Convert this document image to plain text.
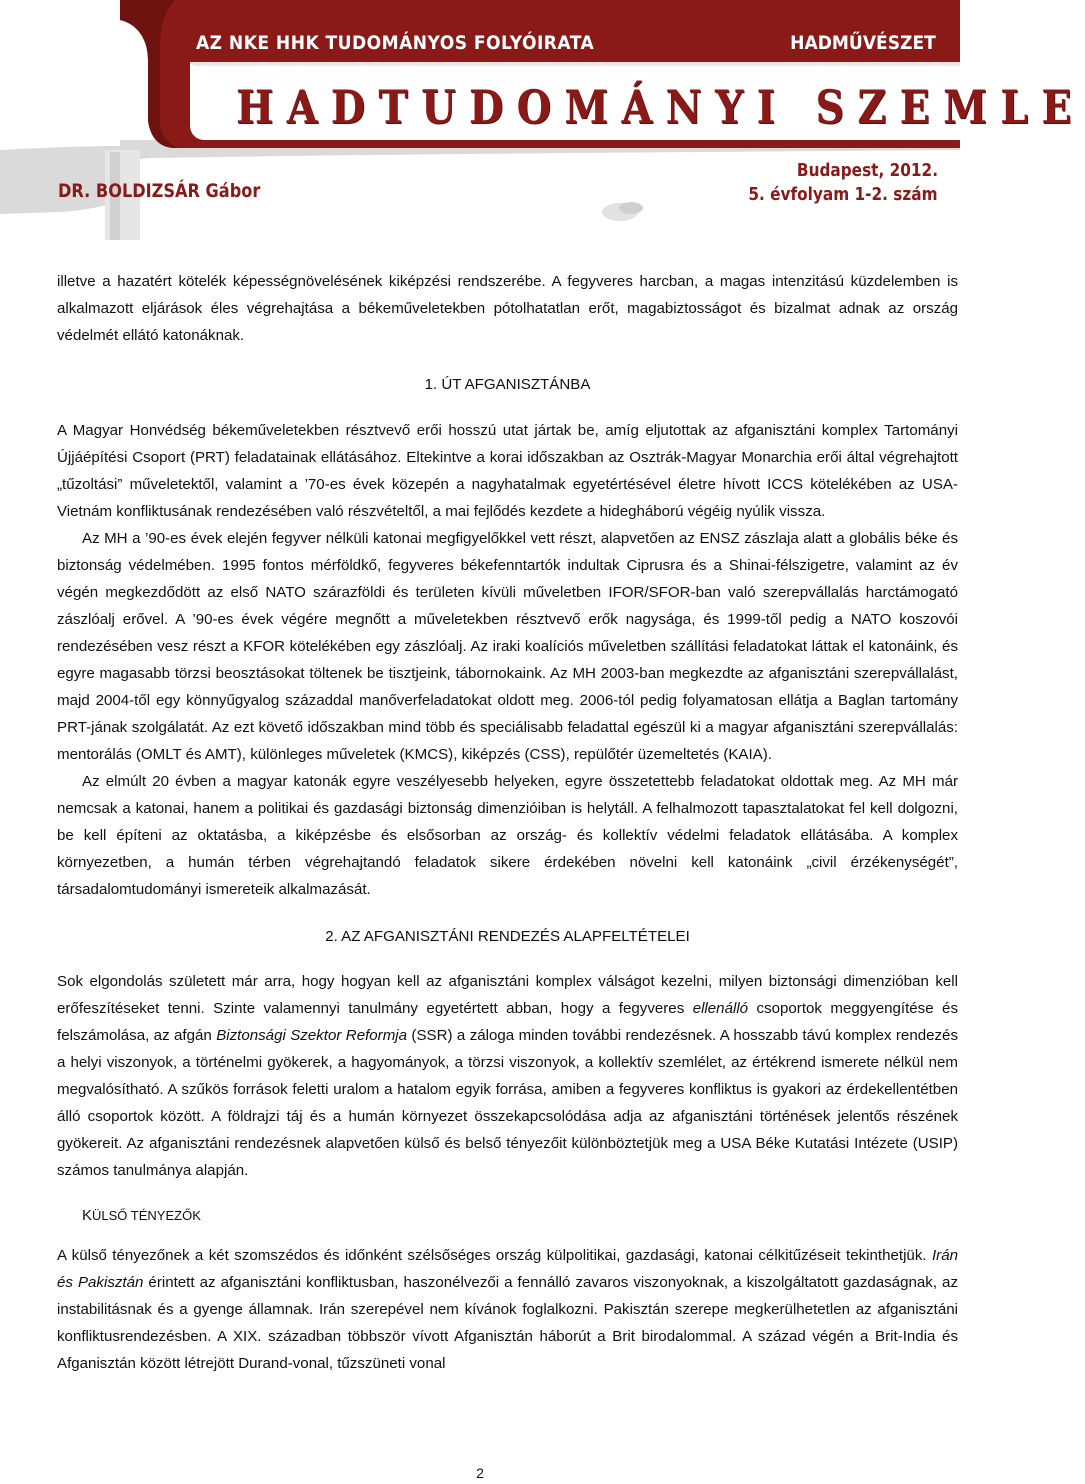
AZ NKE HHK TUDOMÁNYOS FOLYÓIRATA	HADMŰVÉSZET
HADTUDOMÁNYI SZEMLE
DR. BOLDIZSÁR Gábor
Budapest, 2012.
5. évfolyam 1-2. szám

illetve a hazatért kötelék képességnövelésének kiképzési rendszerébe. A fegyveres harcban, a magas intenzitású küzdelemben is alkalmazott eljárások éles végrehajtása a békeműveletekben pótolhatatlan erőt, magabiztosságot és bizalmat adnak az ország védelmét ellátó katonáknak.

1. ÚT AFGANISZTÁNBA

A Magyar Honvédség békeműveletekben résztvevő erői hosszú utat jártak be, amíg eljutottak az afganisztáni komplex Tartományi Újjáépítési Csoport (PRT) feladatainak ellátásához. Eltekintve a korai időszakban az Osztrák-Magyar Monarchia erői által végrehajtott „tűzoltási” műveletektől, valamint a ’70-es évek közepén a nagyhatalmak egyetértésével életre hívott ICCS kötelékében az USA-Vietnám konfliktusának rendezésében való részvételtől, a mai fejlődés kezdete a hidegháború végéig nyúlik vissza.

Az MH a ’90-es évek elején fegyver nélküli katonai megfigyelőkkel vett részt, alapvetően az ENSZ zászlaja alatt a globális béke és biztonság védelmében. 1995 fontos mérföldkő, fegyveres békefenntartók indultak Ciprusra és a Shinai-félszigetre, valamint az év végén megkezdődött az első NATO szárazföldi és területen kívüli műveletben IFOR/SFOR-ban való szerepvállalás harctámogató zászlóalj erővel. A ’90-es évek végére megnőtt a műveletekben résztvevő erők nagysága, és 1999-től pedig a NATO koszovói rendezésében vesz részt a KFOR kötelékében egy zászlóalj. Az iraki koalíciós műveletben szállítási feladatokat láttak el katonáink, és egyre magasabb törzsi beosztásokat töltenek be tisztjeink, tábornokaink. Az MH 2003-ban megkezdte az afganisztáni szerepvállalást, majd 2004-től egy könnyűgyalog századdal manőverfeladatokat oldott meg. 2006-tól pedig folyamatosan ellátja a Baglan tartomány PRT-jának szolgálatát. Az ezt követő időszakban mind több és speciálisabb feladattal egészül ki a magyar afganisztáni szerepvállalás: mentorálás (OMLT és AMT), különleges műveletek (KMCS), kiképzés (CSS), repülőtér üzemeltetés (KAIA).

Az elmúlt 20 évben a magyar katonák egyre veszélyesebb helyeken, egyre összetettebb feladatokat oldottak meg. Az MH már nemcsak a katonai, hanem a politikai és gazdasági biztonság dimenzióiban is helytáll. A felhalmozott tapasztalatokat fel kell dolgozni, be kell építeni az oktatásba, a kiképzésbe és elsősorban az ország- és kollektív védelmi feladatok ellátásába. A komplex környezetben, a humán térben végrehajtandó feladatok sikere érdekében növelni kell katonáink „civil érzékenységét”, társadalomtudományi ismereteik alkalmazását.

2. AZ AFGANISZTÁNI RENDEZÉS ALAPFELTÉTELEI

Sok elgondolás született már arra, hogy hogyan kell az afganisztáni komplex válságot kezelni, milyen biztonsági dimenzióban kell erőfeszítéseket tenni. Szinte valamennyi tanulmány egyetértett abban, hogy a fegyveres ellenálló csoportok meggyengítése és felszámolása, az afgán Biztonsági Szektor Reformja (SSR) a záloga minden további rendezésnek. A hosszabb távú komplex rendezés a helyi viszonyok, a történelmi gyökerek, a hagyományok, a törzsi viszonyok, a kollektív szemlélet, az értékrend ismerete nélkül nem megvalósítható. A szűkös források feletti uralom a hatalom egyik forrása, amiben a fegyveres konfliktus is gyakori az érdekellentétben álló csoportok között. A földrajzi táj és a humán környezet összekapcsolódása adja az afganisztáni történések jelentős részének gyökereit. Az afganisztáni rendezésnek alapvetően külső és belső tényezőit különböztetjük meg a USA Béke Kutatási Intézete (USIP) számos tanulmánya alapján.

KÜLSŐ TÉNYEZŐK

A külső tényezőnek a két szomszédos és időnként szélsőséges ország külpolitikai, gazdasági, katonai célkitűzéseit tekinthetjük. Irán és Pakisztán érintett az afganisztáni konfliktusban, haszonélvezői a fennálló zavaros viszonyoknak, a kiszolgáltatott gazdaságnak, az instabilitásnak és a gyenge államnak. Irán szerepével nem kívánok foglalkozni. Pakisztán szerepe megkerülhetetlen az afganisztáni konfliktusrendezésben. A XIX. században többször vívott Afganisztán háborút a Brit birodalommal. A század végén a Brit-India és Afganisztán között létrejött Durand-vonal, tűzszüneti vonal

2
